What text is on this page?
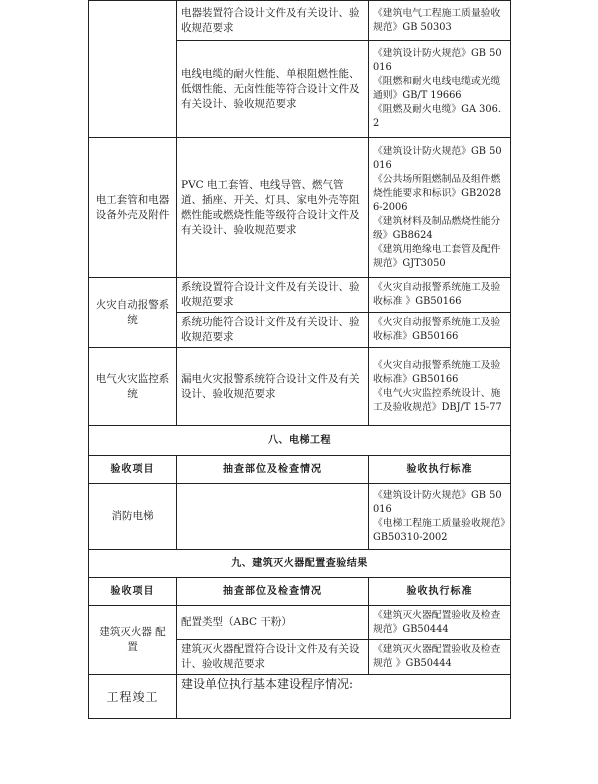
	电器装置符合设计文件及有关设计、验收规范要求	《建筑电气工程施工质量验收规范》GB 50303

	电线电缆的耐火性能、单根阻燃性能、低烟性能、无卤性能等符合设计文件及有关设计、验收规范要求	《建筑设计防火规范》GB 50016
《阻燃和耐火电线电缆或光缆通则》GB/T 19666
《阻燃及耐火电缆》GA 306.2

电工套管和电器设备外壳及附件	PVC 电工套管、电线导管、燃气管道、插座、开关、灯具、家电外壳等阻燃性能或燃烧性能等级符合设计文件及有关设计、验收规范要求	《建筑设计防火规范》GB 50016
《公共场所阻燃制品及组件燃烧性能要求和标识》GB20286-2006
《建筑材料及制品燃烧性能分级》GB8624
《建筑用绝缘电工套管及配件规范》GJT3050

火灾自动报警系统	系统设置符合设计文件及有关设计、验收规范要求	《火灾自动报警系统施工及验收标准 》GB50166
	系统功能符合设计文件及有关设计、验收规范要求	《火灾自动报警系统施工及验收标准》GB50166
电气火灾监控系统	漏电火灾报警系统符合设计文件及有关设计、验收规范要求	《火灾自动报警系统施工及验收标准》GB50166
《电气火灾监控系统设计、施工及验收规范》DBJ/T 15-77

八、电梯工程		
验收项目	抽查部位及检查情况	验收执行标准
消防电梯		《建筑设计防火规范》GB 50016
《电梯工程施工质量验收规范》GB50310-2002

九、建筑灭火器配置查验结果		
验收项目	抽查部位及检查情况	验收执行标准
建筑灭火器 配 置	配置类型（ABC 干粉）	《建筑灭火器配置验收及检查规范》GB50444
	建筑灭火器配置符合设计文件及有关设计、验收规范要求	《建筑灭火器配置验收及检查规范 》GB50444
工程竣工	建设单位执行基本建设程序情况:	
